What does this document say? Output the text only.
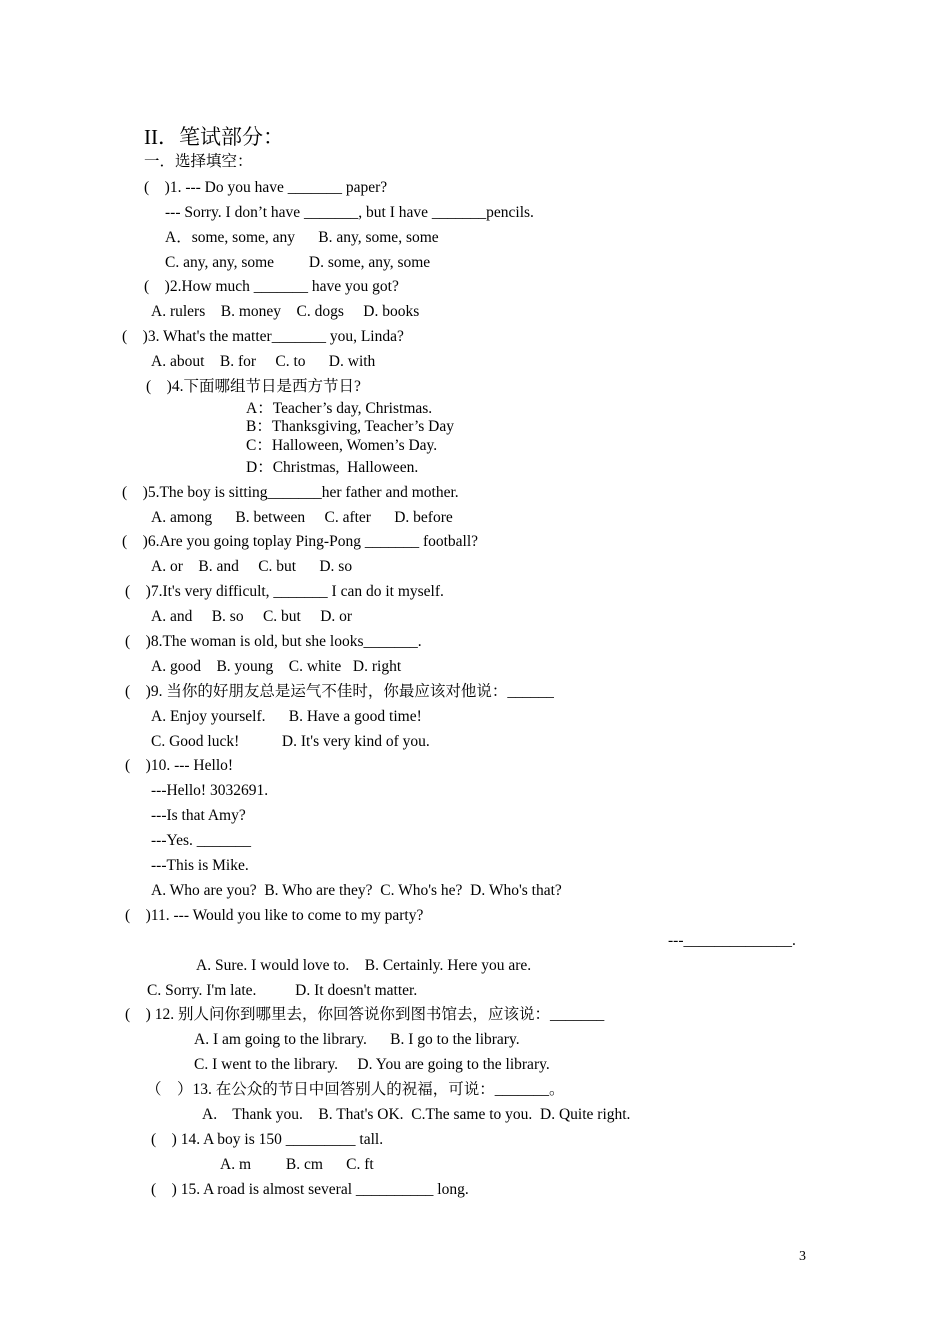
II．笔试部分：
一．选择填空：
(    )1. --- Do you have _______ paper?
--- Sorry. I don’t have _______, but I have _______pencils.
A．some, some, any      B. any, some, some
C. any, any, some         D. some, any, some
(    )2.How much _______ have you got?
A. rulers    B. money    C. dogs     D. books
(    )3. What's the matter_______ you, Linda?
A. about    B. for     C. to      D. with
(    )4.下面哪组节日是西方节日?
A：Teacher’s day, Christmas.
B：Thanksgiving, Teacher’s Day
C：Halloween, Women’s Day.
D：Christmas,  Halloween.
(    )5.The boy is sitting_______her father and mother.
A. among      B. between     C. after      D. before
(    )6.Are you going toplay Ping-Pong _______ football?
A. or    B. and     C. but      D. so
(    )7.It's very difficult, _______ I can do it myself.
A. and     B. so     C. but     D. or
(    )8.The woman is old, but she looks_______.
A. good    B. young    C. white   D. right
(    )9. 当你的好朋友总是运气不佳时，你最应该对他说：______
A. Enjoy yourself.      B. Have a good time!
C. Good luck!           D. It's very kind of you.
(    )10. --- Hello!
---Hello! 3032691.
---Is that Amy?
---Yes. _______
---This is Mike.
A. Who are you?  B. Who are they?  C. Who's he?  D. Who's that?
(    )11. --- Would you like to come to my party?
---______________.
A. Sure. I would love to.    B. Certainly. Here you are.
C. Sorry. I'm late.          D. It doesn't matter.
(    ) 12. 别人问你到哪里去，你回答说你到图书馆去，应该说：_______
A. I am going to the library.      B. I go to the library.
C. I went to the library.     D. You are going to the library.
（    ）13. 在公众的节日中回答别人的祝福，可说：_______。
A.    Thank you.    B. That's OK.  C.The same to you.  D. Quite right.
(    ) 14. A boy is 150 _________ tall.
A. m         B. cm      C. ft
(    ) 15. A road is almost several __________ long.
3
